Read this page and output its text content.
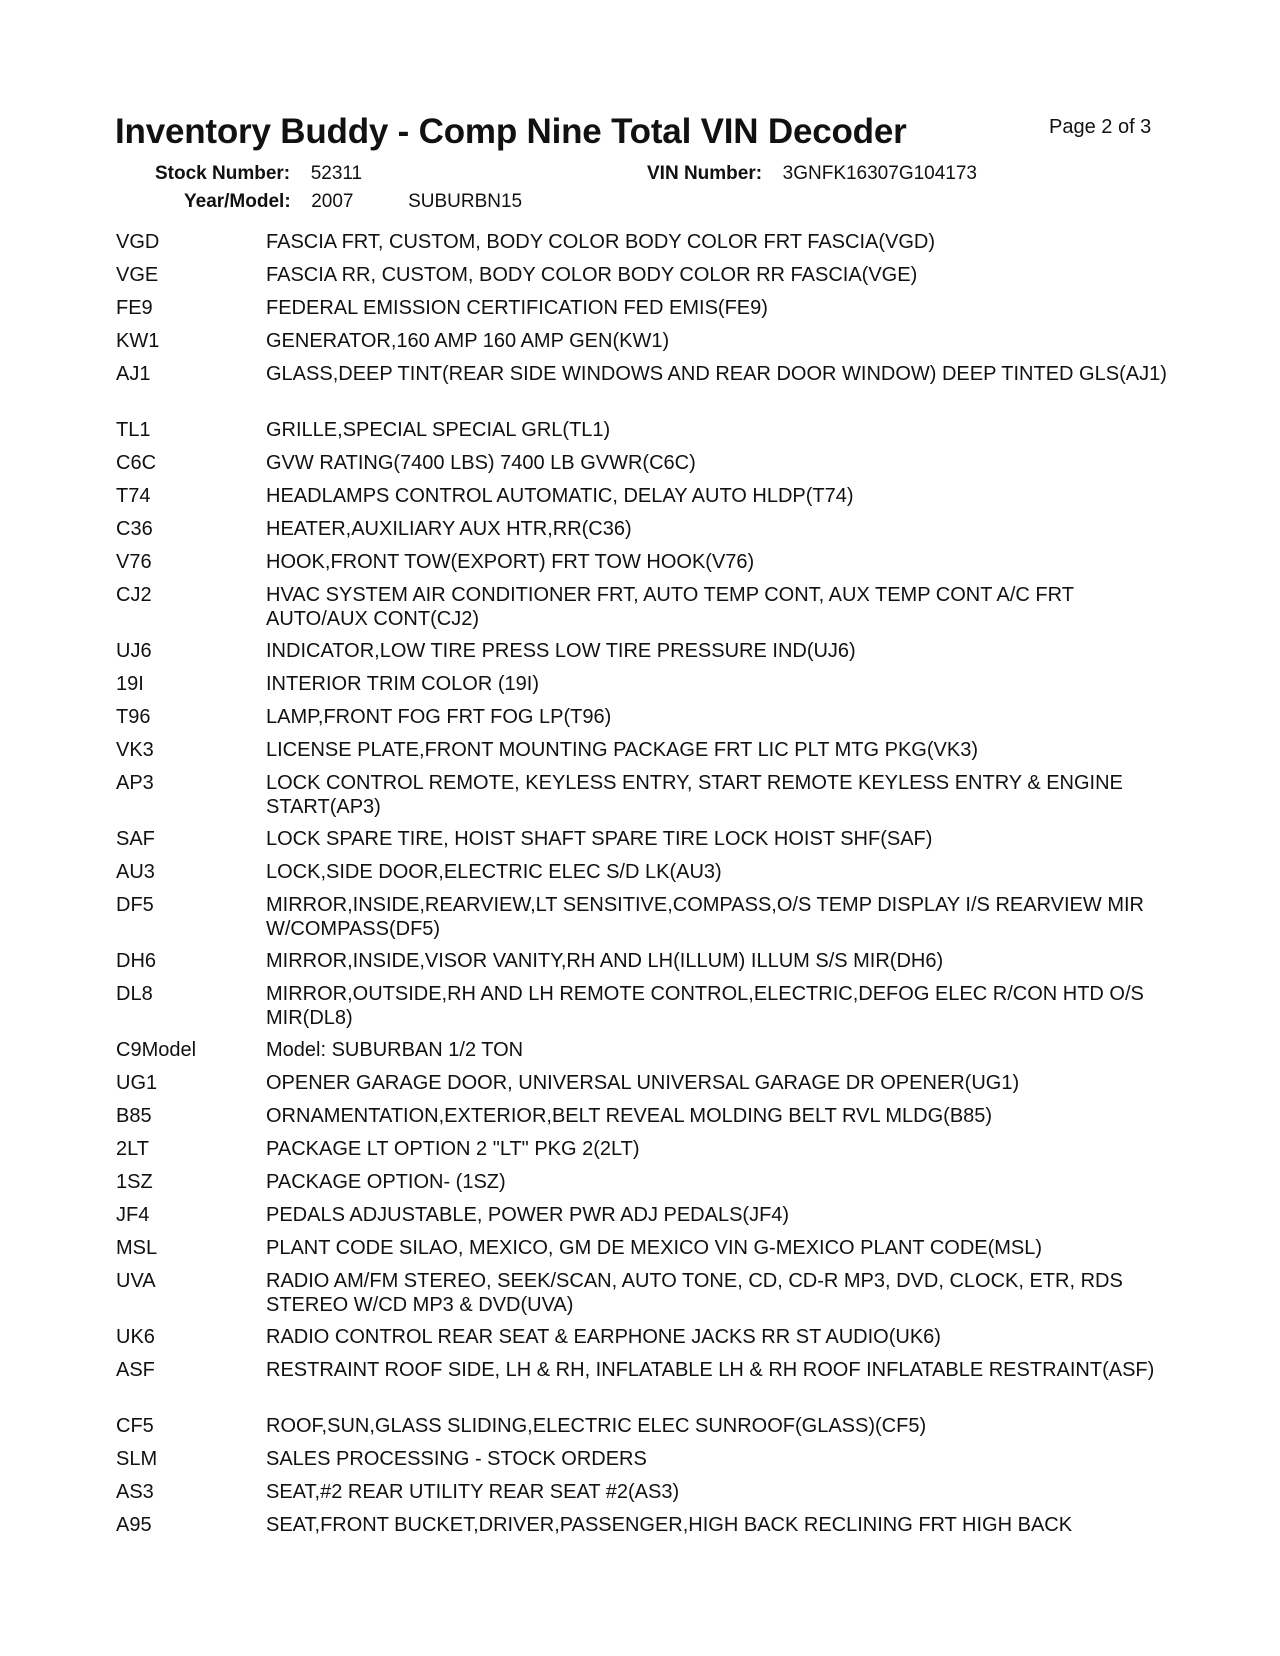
Inventory Buddy - Comp Nine Total VIN Decoder	Page 2 of 3
Stock Number: 52311	VIN Number: 3GNFK16307G104173
Year/Model: 2007	SUBURBN15
VGD	FASCIA FRT, CUSTOM, BODY COLOR BODY COLOR FRT FASCIA(VGD)
VGE	FASCIA RR, CUSTOM, BODY COLOR BODY COLOR RR FASCIA(VGE)
FE9	FEDERAL EMISSION CERTIFICATION FED EMIS(FE9)
KW1	GENERATOR,160 AMP 160 AMP GEN(KW1)
AJ1	GLASS,DEEP TINT(REAR SIDE WINDOWS AND REAR DOOR WINDOW) DEEP TINTED GLS(AJ1)
TL1	GRILLE,SPECIAL SPECIAL GRL(TL1)
C6C	GVW RATING(7400 LBS) 7400 LB GVWR(C6C)
T74	HEADLAMPS CONTROL AUTOMATIC, DELAY AUTO HLDP(T74)
C36	HEATER,AUXILIARY AUX HTR,RR(C36)
V76	HOOK,FRONT TOW(EXPORT) FRT TOW HOOK(V76)
CJ2	HVAC SYSTEM AIR CONDITIONER FRT, AUTO TEMP CONT, AUX TEMP CONT A/C FRT AUTO/AUX CONT(CJ2)
UJ6	INDICATOR,LOW TIRE PRESS LOW TIRE PRESSURE IND(UJ6)
19I	INTERIOR TRIM COLOR (19I)
T96	LAMP,FRONT FOG FRT FOG LP(T96)
VK3	LICENSE PLATE,FRONT MOUNTING PACKAGE FRT LIC PLT MTG PKG(VK3)
AP3	LOCK CONTROL REMOTE, KEYLESS ENTRY, START REMOTE KEYLESS ENTRY & ENGINE START(AP3)
SAF	LOCK SPARE TIRE, HOIST SHAFT SPARE TIRE LOCK HOIST SHF(SAF)
AU3	LOCK,SIDE DOOR,ELECTRIC ELEC S/D LK(AU3)
DF5	MIRROR,INSIDE,REARVIEW,LT SENSITIVE,COMPASS,O/S TEMP DISPLAY I/S REARVIEW MIR W/COMPASS(DF5)
DH6	MIRROR,INSIDE,VISOR VANITY,RH AND LH(ILLUM) ILLUM S/S MIR(DH6)
DL8	MIRROR,OUTSIDE,RH AND LH REMOTE CONTROL,ELECTRIC,DEFOG ELEC R/CON HTD O/S MIR(DL8)
C9Model	Model: SUBURBAN 1/2 TON
UG1	OPENER GARAGE DOOR, UNIVERSAL UNIVERSAL GARAGE DR OPENER(UG1)
B85	ORNAMENTATION,EXTERIOR,BELT REVEAL MOLDING BELT RVL MLDG(B85)
2LT	PACKAGE LT OPTION 2 "LT" PKG 2(2LT)
1SZ	PACKAGE OPTION- (1SZ)
JF4	PEDALS ADJUSTABLE, POWER PWR ADJ PEDALS(JF4)
MSL	PLANT CODE SILAO, MEXICO, GM DE MEXICO VIN G-MEXICO PLANT CODE(MSL)
UVA	RADIO AM/FM STEREO, SEEK/SCAN, AUTO TONE, CD, CD-R MP3, DVD, CLOCK, ETR, RDS STEREO W/CD MP3 & DVD(UVA)
UK6	RADIO CONTROL REAR SEAT & EARPHONE JACKS RR ST AUDIO(UK6)
ASF	RESTRAINT ROOF SIDE, LH & RH, INFLATABLE LH & RH ROOF INFLATABLE RESTRAINT(ASF)
CF5	ROOF,SUN,GLASS SLIDING,ELECTRIC ELEC SUNROOF(GLASS)(CF5)
SLM	SALES PROCESSING - STOCK ORDERS
AS3	SEAT,#2 REAR UTILITY REAR SEAT #2(AS3)
A95	SEAT,FRONT BUCKET,DRIVER,PASSENGER,HIGH BACK RECLINING FRT HIGH BACK
